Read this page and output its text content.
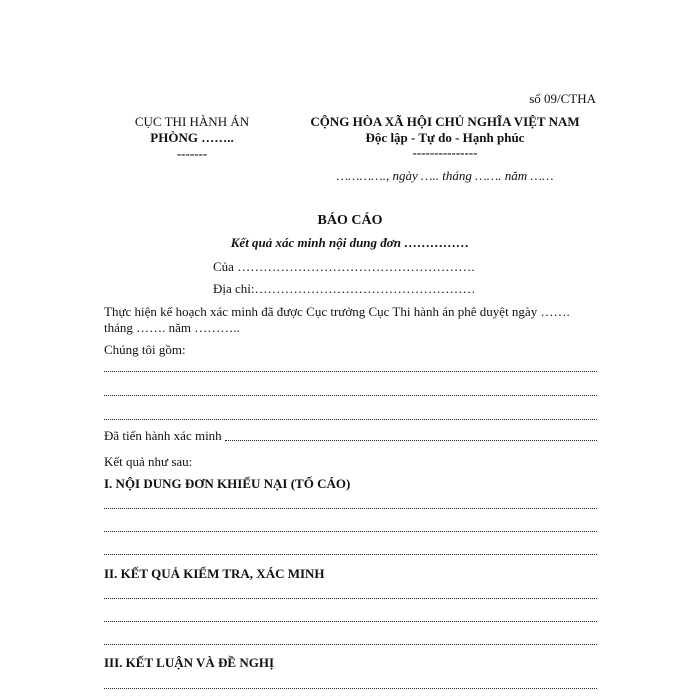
số 09/CTHA
CỤC THI HÀNH ÁN
PHÒNG ……..
-------
CỘNG HÒA XÃ HỘI CHỦ NGHĨA VIỆT NAM
Độc lập - Tự do - Hạnh phúc
---------------
…………., ngày ….. tháng ……. năm ……
BÁO CÁO
Kết quả xác minh nội dung đơn ……………
Của ……………………………………………….
Địa chỉ:……………………………………………
Thực hiện kế hoạch xác minh đã được Cục trưởng Cục Thi hành án phê duyệt ngày …….
tháng ……. năm ………..
Chúng tôi gồm:
Đã tiến hành xác minh
Kết quả như sau:
I. NỘI DUNG ĐƠN KHIẾU NẠI (TỐ CÁO)
II. KẾT QUẢ KIỂM TRA, XÁC MINH
III. KẾT LUẬN VÀ ĐỀ NGHỊ
